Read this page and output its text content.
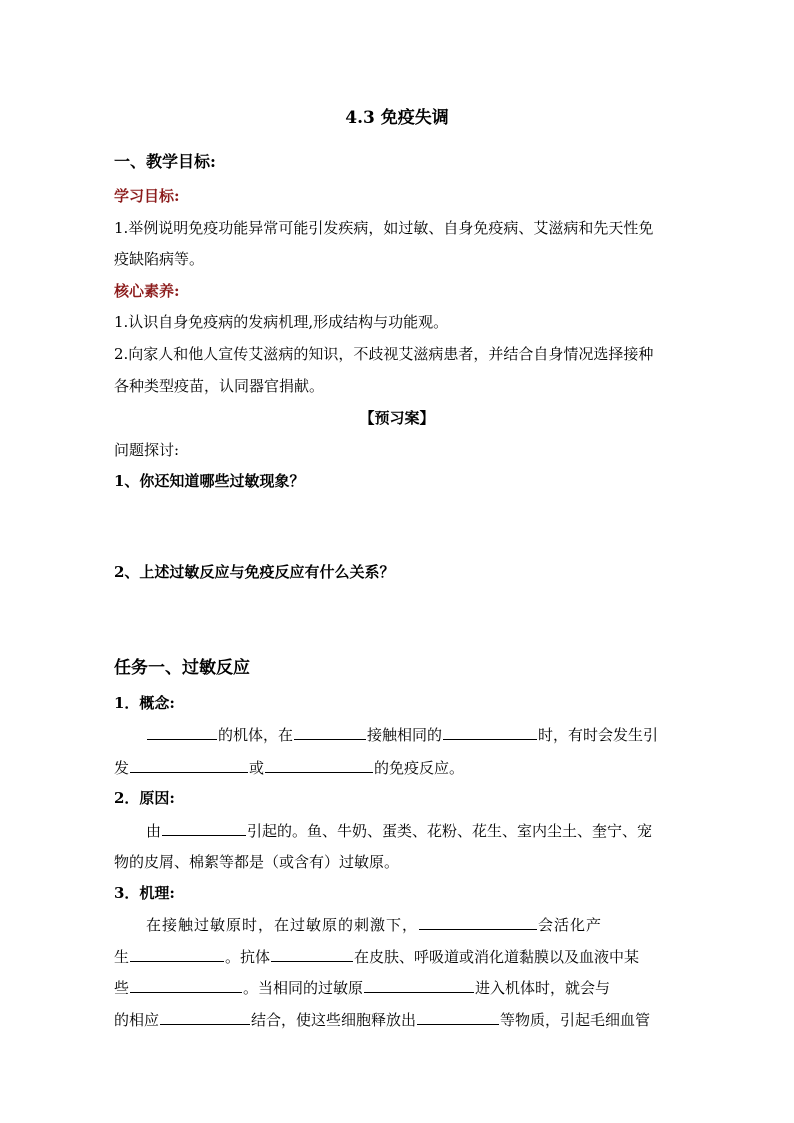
4.3 免疫失调
一、教学目标:
学习目标:
1.举例说明免疫功能异常可能引发疾病，如过敏、自身免疫病、艾滋病和先天性免
疫缺陷病等。
核心素养:
1.认识自身免疫病的发病机理,形成结构与功能观。
2.向家人和他人宣传艾滋病的知识，不歧视艾滋病患者，并结合自身情况选择接种
各种类型疫苗，认同器官捐献。
【预习案】
问题探讨:
1、你还知道哪些过敏现象？
2、上述过敏反应与免疫反应有什么关系？
任务一、过敏反应
1．概念:
的机体，在	接触相同的	时，有时会发生引
发	或	的免疫反应。
2．原因:
由	引起的。鱼、牛奶、蛋类、花粉、花生、室内尘土、奎宁、宠
物的皮屑、棉絮等都是（或含有）过敏原。
3．机理:
在接触过敏原时，在过敏原的刺激下，	会活化产
生	。抗体	在皮肤、呼吸道或消化道黏膜以及血液中某
些	。当相同的过敏原	进入机体时，就会与
的相应	结合，使这些细胞释放出	等物质，引起毛细血管
